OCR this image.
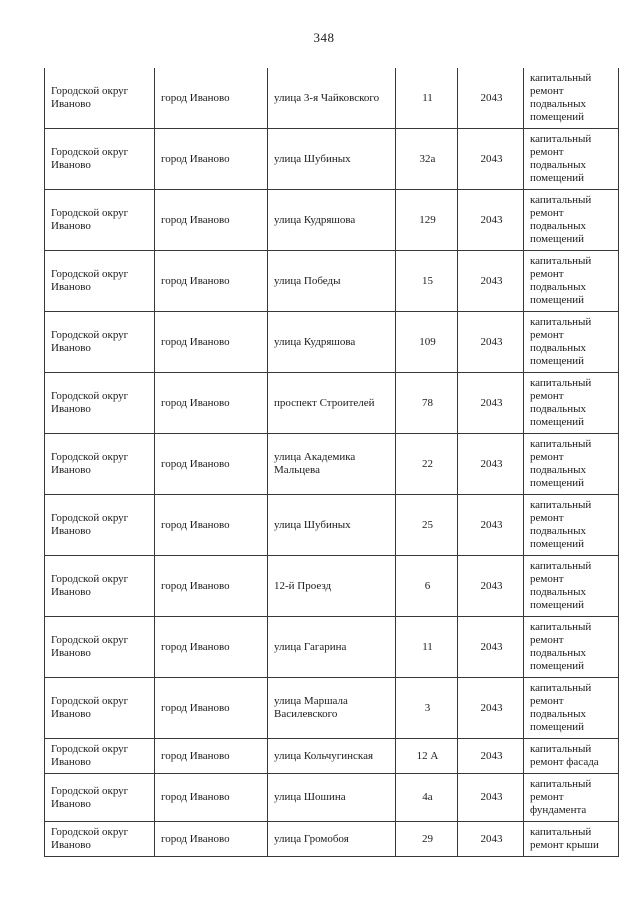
348
Городской округ Иваново	город Иваново	улица 3-я Чайковского	11	2043	капитальный ремонт подвальных помещений
Городской округ Иваново	город Иваново	улица Шубиных	32а	2043	капитальный ремонт подвальных помещений
Городской округ Иваново	город Иваново	улица Кудряшова	129	2043	капитальный ремонт подвальных помещений
Городской округ Иваново	город Иваново	улица Победы	15	2043	капитальный ремонт подвальных помещений
Городской округ Иваново	город Иваново	улица Кудряшова	109	2043	капитальный ремонт подвальных помещений
Городской округ Иваново	город Иваново	проспект Строителей	78	2043	капитальный ремонт подвальных помещений
Городской округ Иваново	город Иваново	улица Академика Мальцева	22	2043	капитальный ремонт подвальных помещений
Городской округ Иваново	город Иваново	улица Шубиных	25	2043	капитальный ремонт подвальных помещений
Городской округ Иваново	город Иваново	12-й Проезд	6	2043	капитальный ремонт подвальных помещений
Городской округ Иваново	город Иваново	улица Гагарина	11	2043	капитальный ремонт подвальных помещений
Городской округ Иваново	город Иваново	улица Маршала Василевского	3	2043	капитальный ремонт подвальных помещений
Городской округ Иваново	город Иваново	улица Кольчугинская	12 А	2043	капитальный ремонт фасада
Городской округ Иваново	город Иваново	улица Шошина	4а	2043	капитальный ремонт фундамента
Городской округ Иваново	город Иваново	улица Громобоя	29	2043	капитальный ремонт крыши
